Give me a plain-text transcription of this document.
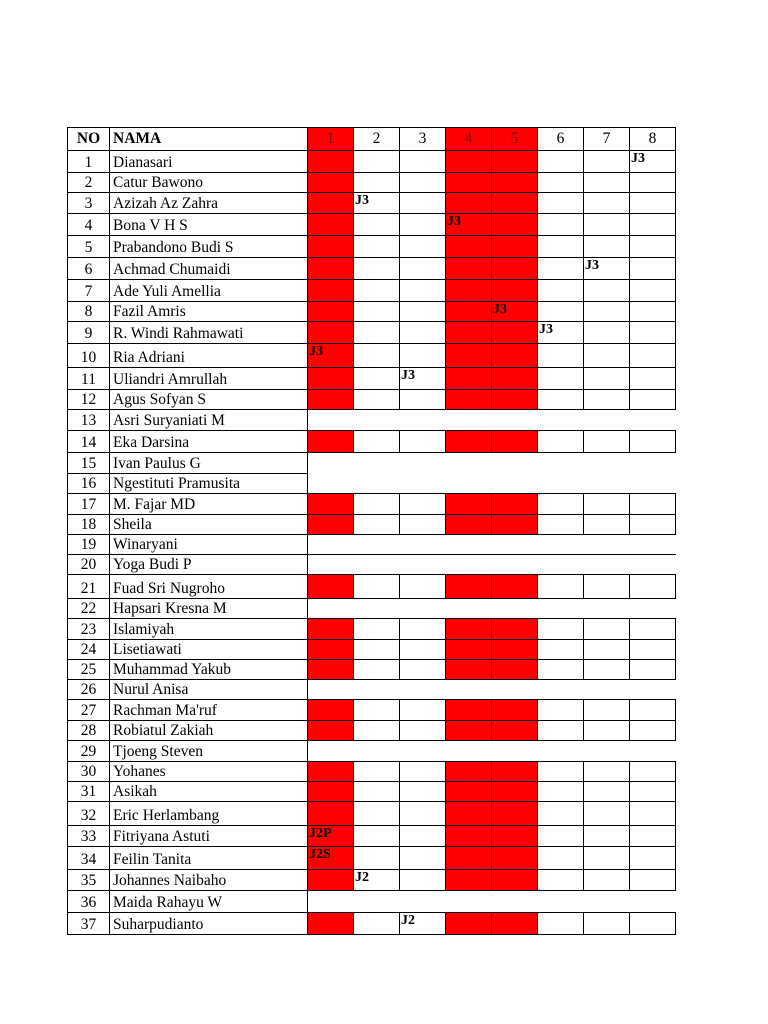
NO	NAMA	1	2	3	4	5	6	7	8
1	Dianasari								J3
2	Catur Bawono								
3	Azizah Az Zahra		J3						
4	Bona V H S				J3				
5	Prabandono Budi S								
6	Achmad Chumaidi							J3	
7	Ade Yuli Amellia								
8	Fazil Amris					J3			
9	R. Windi Rahmawati						J3		
10	Ria Adriani	J3							
11	Uliandri Amrullah			J3					
12	Agus Sofyan S								
13	Asri Suryaniati M								
14	Eka Darsina								
15	Ivan Paulus G								
16	Ngestituti Pramusita								
17	M. Fajar MD								
18	Sheila								
19	Winaryani								
20	Yoga Budi P								
21	Fuad Sri Nugroho								
22	Hapsari Kresna M								
23	Islamiyah								
24	Lisetiawati								
25	Muhammad Yakub								
26	Nurul Anisa								
27	Rachman Ma'ruf								
28	Robiatul Zakiah								
29	Tjoeng Steven								
30	Yohanes								
31	Asikah								
32	Eric Herlambang								
33	Fitriyana Astuti	J2P							
34	Feilin Tanita	J2S							
35	Johannes Naibaho		J2						
36	Maida Rahayu W								
37	Suharpudianto			J2					
